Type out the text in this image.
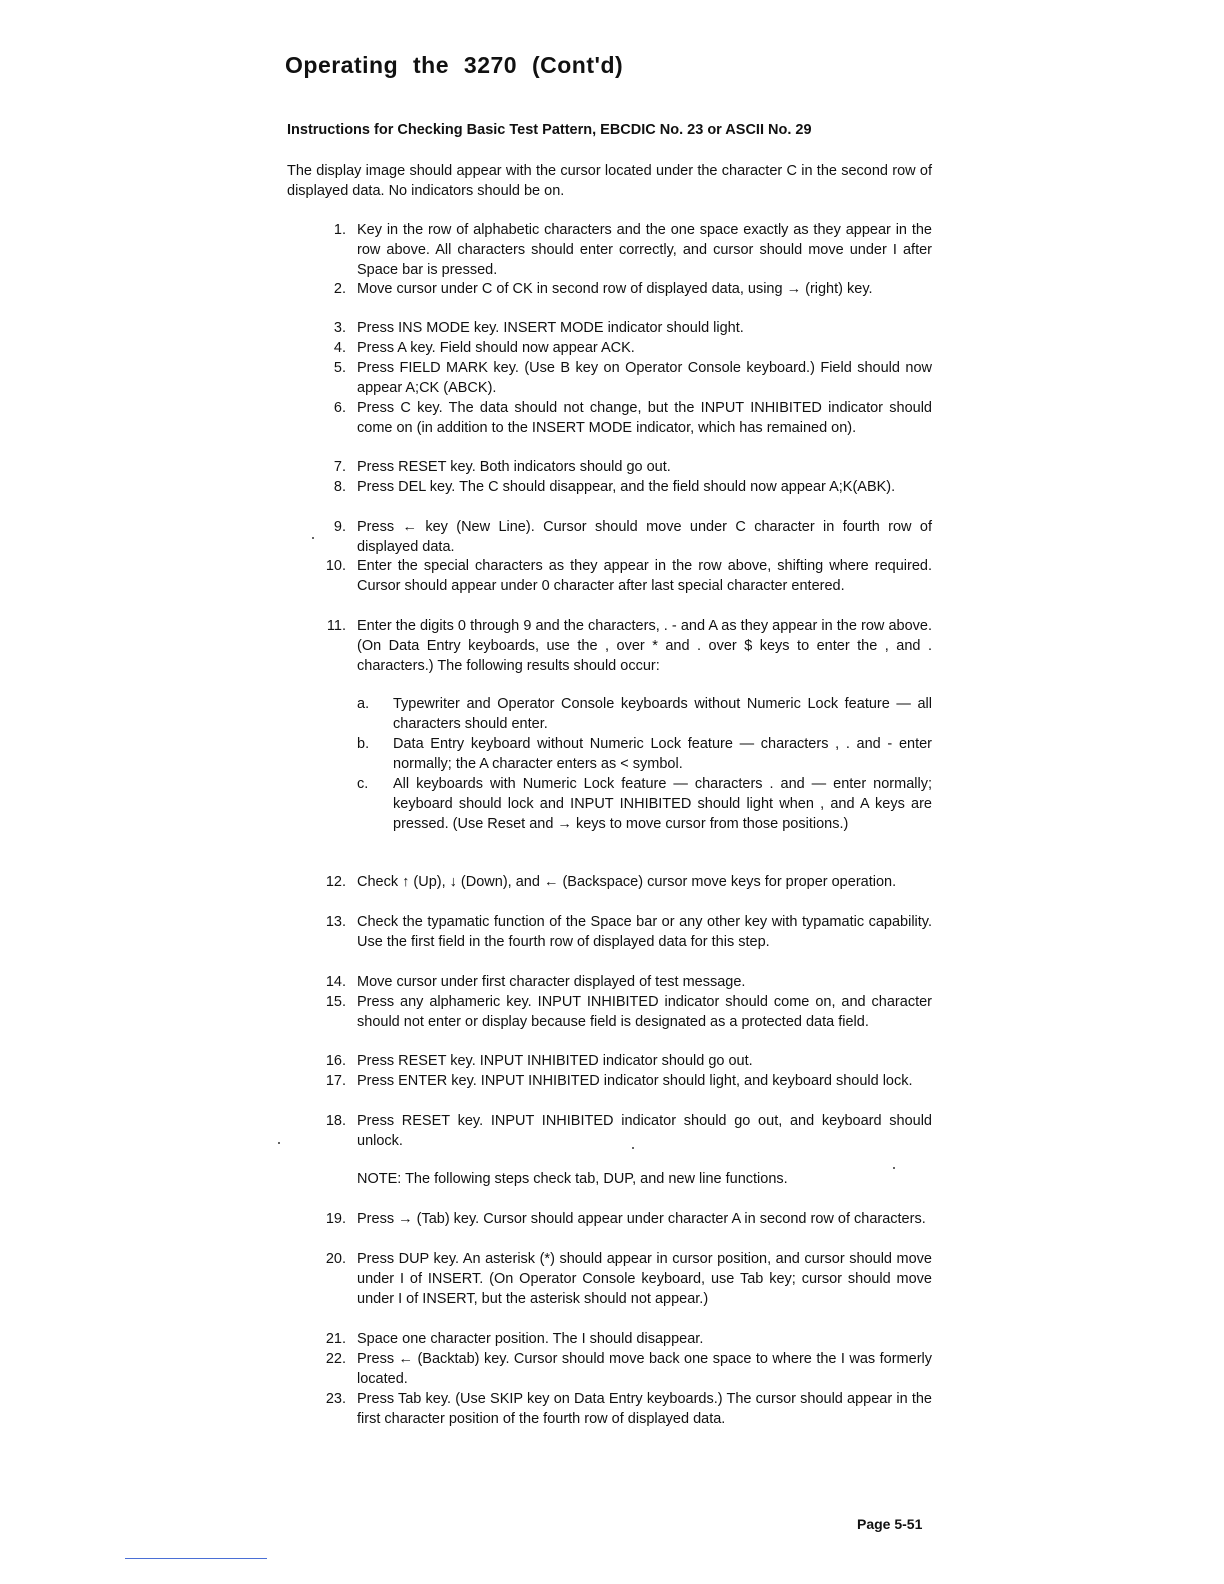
Operating the 3270 (Cont'd)
Instructions for Checking Basic Test Pattern, EBCDIC No. 23 or ASCII No. 29
The display image should appear with the cursor located under the character C in the second row of displayed data. No indicators should be on.
1. Key in the row of alphabetic characters and the one space exactly as they appear in the row above. All characters should enter correctly, and cursor should move under I after Space bar is pressed.
2. Move cursor under C of CK in second row of displayed data, using → (right) key.
3. Press INS MODE key. INSERT MODE indicator should light.
4. Press A key. Field should now appear ACK.
5. Press FIELD MARK key. (Use B key on Operator Console keyboard.) Field should now appear A;CK (ABCK).
6. Press C key. The data should not change, but the INPUT INHIBITED indicator should come on (in addition to the INSERT MODE indicator, which has remained on).
7. Press RESET key. Both indicators should go out.
8. Press DEL key. The C should disappear, and the field should now appear A;K(ABK).
9. Press ← key (New Line). Cursor should move under C character in fourth row of displayed data.
10. Enter the special characters as they appear in the row above, shifting where required. Cursor should appear under 0 character after last special character entered.
11. Enter the digits 0 through 9 and the characters, . - and A as they appear in the row above. (On Data Entry keyboards, use the , over * and . over $ keys to enter the , and . characters.) The following results should occur:
a. Typewriter and Operator Console keyboards without Numeric Lock feature — all characters should enter.
b. Data Entry keyboard without Numeric Lock feature — characters , . and - enter normally; the A character enters as < symbol.
c. All keyboards with Numeric Lock feature — characters . and — enter normally; keyboard should lock and INPUT INHIBITED should light when , and A keys are pressed. (Use Reset and → keys to move cursor from those positions.)
12. Check ↑ (Up), ↓ (Down), and ← (Backspace) cursor move keys for proper operation.
13. Check the typamatic function of the Space bar or any other key with typamatic capability. Use the first field in the fourth row of displayed data for this step.
14. Move cursor under first character displayed of test message.
15. Press any alphameric key. INPUT INHIBITED indicator should come on, and character should not enter or display because field is designated as a protected data field.
16. Press RESET key. INPUT INHIBITED indicator should go out.
17. Press ENTER key. INPUT INHIBITED indicator should light, and keyboard should lock.
18. Press RESET key. INPUT INHIBITED indicator should go out, and keyboard should unlock.
19. Press → (Tab) key. Cursor should appear under character A in second row of characters.
20. Press DUP key. An asterisk (*) should appear in cursor position, and cursor should move under I of INSERT. (On Operator Console keyboard, use Tab key; cursor should move under I of INSERT, but the asterisk should not appear.)
21. Space one character position. The I should disappear.
22. Press ← (Backtab) key. Cursor should move back one space to where the I was formerly located.
23. Press Tab key. (Use SKIP key on Data Entry keyboards.) The cursor should appear in the first character position of the fourth row of displayed data.
NOTE: The following steps check tab, DUP, and new line functions.
Page 5-51
